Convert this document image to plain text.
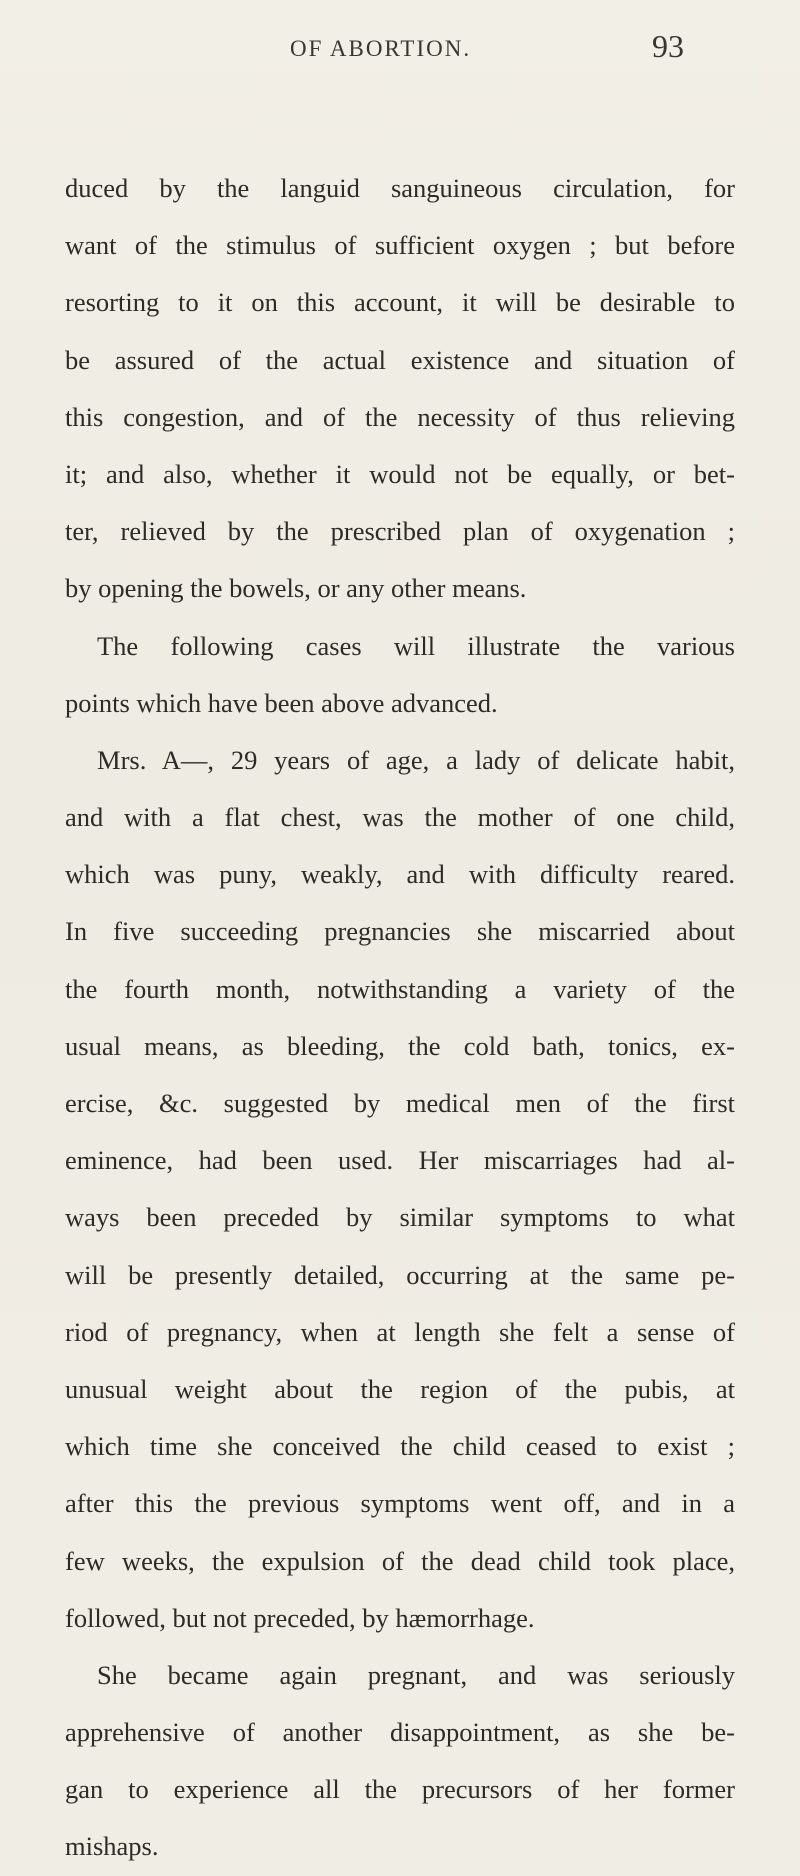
OF ABORTION.	93
duced by the languid sanguineous circulation, for
want of the stimulus of sufficient oxygen ; but before
resorting to it on this account, it will be desirable to
be assured of the actual existence and situation of
this congestion, and of the necessity of thus relieving
it; and also, whether it would not be equally, or bet-
ter, relieved by the prescribed plan of oxygenation ;
by opening the bowels, or any other means.
The following cases will illustrate the various
points which have been above advanced.
Mrs. A—, 29 years of age, a lady of delicate habit,
and with a flat chest, was the mother of one child,
which was puny, weakly, and with difficulty reared.
In five succeeding pregnancies she miscarried about
the fourth month, notwithstanding a variety of the
usual means, as bleeding, the cold bath, tonics, ex-
ercise, &c. suggested by medical men of the first
eminence, had been used. Her miscarriages had al-
ways been preceded by similar symptoms to what
will be presently detailed, occurring at the same pe-
riod of pregnancy, when at length she felt a sense of
unusual weight about the region of the pubis, at
which time she conceived the child ceased to exist ;
after this the previous symptoms went off, and in a
few weeks, the expulsion of the dead child took place,
followed, but not preceded, by hæmorrhage.
She became again pregnant, and was seriously
apprehensive of another disappointment, as she be-
gan to experience all the precursors of her former
mishaps.
